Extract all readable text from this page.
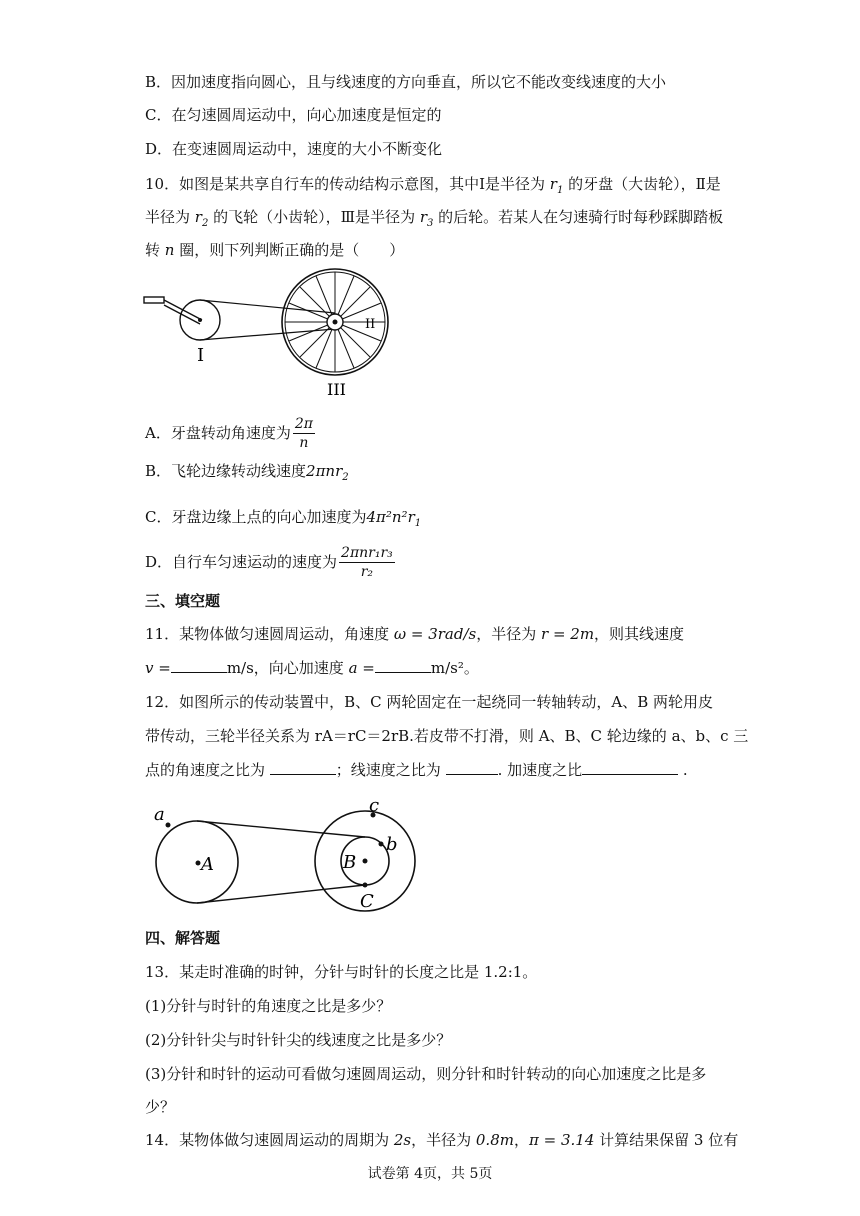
B．因加速度指向圆心，且与线速度的方向垂直，所以它不能改变线速度的大小
C．在匀速圆周运动中，向心加速度是恒定的
D．在变速圆周运动中，速度的大小不断变化
10．如图是某共享自行车的传动结构示意图，其中Ⅰ是半径为 $r_1$ 的牙盘（大齿轮），Ⅱ是
半径为 $r_2$ 的飞轮（小齿轮），Ⅲ是半径为 $r_3$ 的后轮。若某人在匀速骑行时每秒踩脚踏板
转 n 圈，则下列判断正确的是（　　）
I
II
III
A．牙盘转动角速度为 $\frac{2\pi}{n}$
B．飞轮边缘转动线速度2πnr$_2$
C．牙盘边缘上点的向心加速度为$4\pi^2n^2r_1$
D．自行车匀速运动的速度为 $\frac{\text{2πnr₁r₃}}{\text{r₂}}$
三、填空题
11．某物体做匀速圆周运动，角速度 ω = 3rad/s，半径为 r = 2m，则其线速度
v =	m/s，向心加速度 a =	m/s²。
12．如图所示的传动装置中，B、C 两轮固定在一起绕同一转轴转动，A、B 两轮用皮
带传动，三轮半径关系为 rA＝rC＝2rB.若皮带不打滑，则 A、B、C 轮边缘的 a、b、c 三
点的角速度之比为	；线速度之比为	. 加速度之比	.
a
A	B
b
c
C
四、解答题
13．某走时准确的时钟，分针与时针的长度之比是 1.2:1。
(1)分针与时针的角速度之比是多少？
(2)分针针尖与时针针尖的线速度之比是多少？
(3)分针和时针的运动可看做匀速圆周运动，则分针和时针转动的向心加速度之比是多
少？
14．某物体做匀速圆周运动的周期为 2s，半径为 0.8m，π = 3.14 计算结果保留 3 位有
试卷第 4页，共 5页
